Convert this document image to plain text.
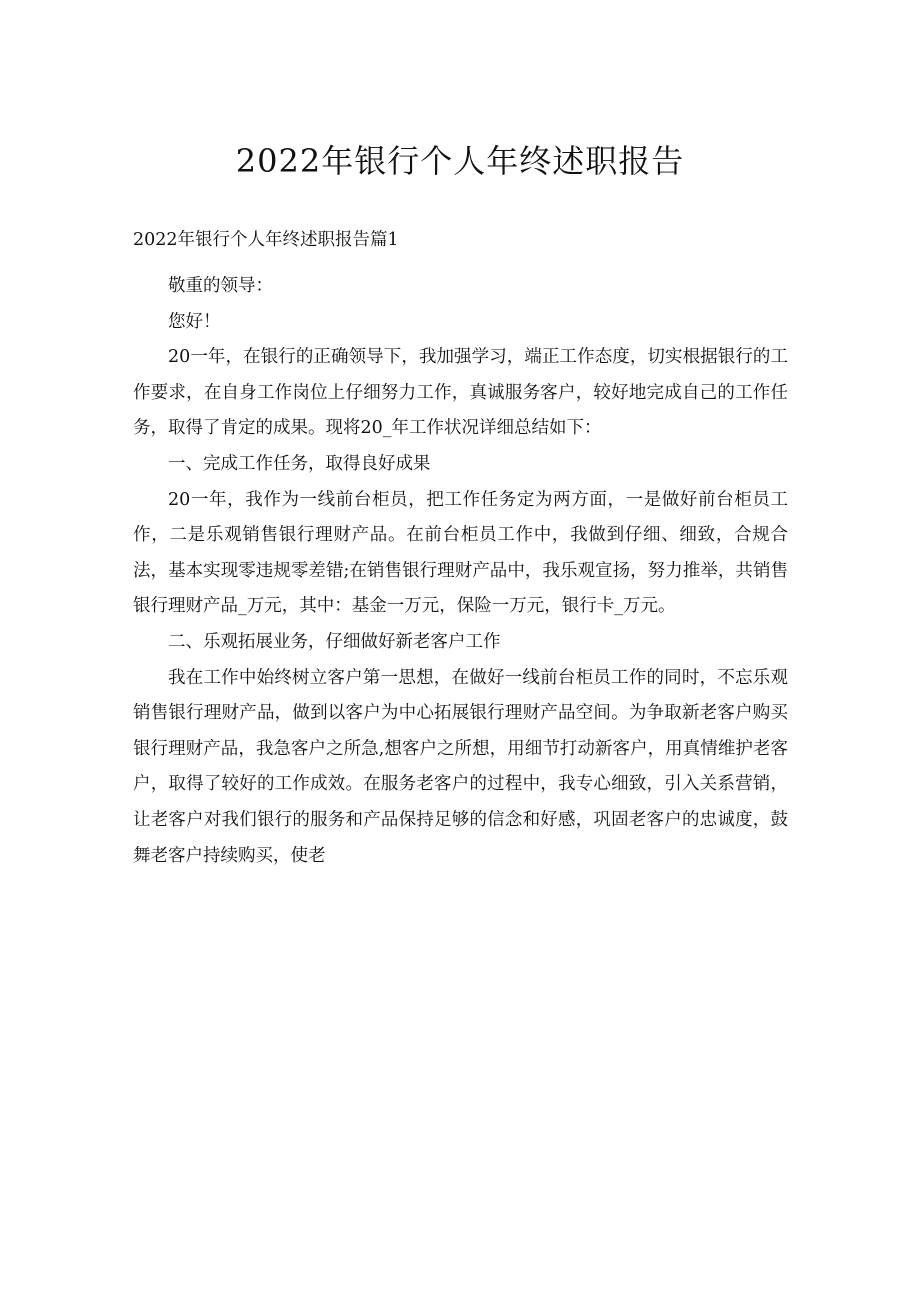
2022年银行个人年终述职报告

2022年银行个人年终述职报告篇1

敬重的领导：

您好！

20一年，在银行的正确领导下，我加强学习，端正工作态度，切实根据银行的工作要求，在自身工作岗位上仔细努力工作，真诚服务客户，较好地完成自己的工作任务，取得了肯定的成果。现将20_年工作状况详细总结如下：

一、完成工作任务，取得良好成果

20一年，我作为一线前台柜员，把工作任务定为两方面，一是做好前台柜员工作，二是乐观销售银行理财产品。在前台柜员工作中，我做到仔细、细致，合规合法，基本实现零违规零差错;在销售银行理财产品中，我乐观宣扬，努力推举，共销售银行理财产品_万元，其中：基金一万元，保险一万元，银行卡_万元。

二、乐观拓展业务，仔细做好新老客户工作

我在工作中始终树立客户第一思想，在做好一线前台柜员工作的同时，不忘乐观销售银行理财产品，做到以客户为中心拓展银行理财产品空间。为争取新老客户购买银行理财产品，我急客户之所急,想客户之所想，用细节打动新客户，用真情维护老客户，取得了较好的工作成效。在服务老客户的过程中，我专心细致，引入关系营销，让老客户对我们银行的服务和产品保持足够的信念和好感，巩固老客户的忠诚度，鼓舞老客户持续购买，使老
